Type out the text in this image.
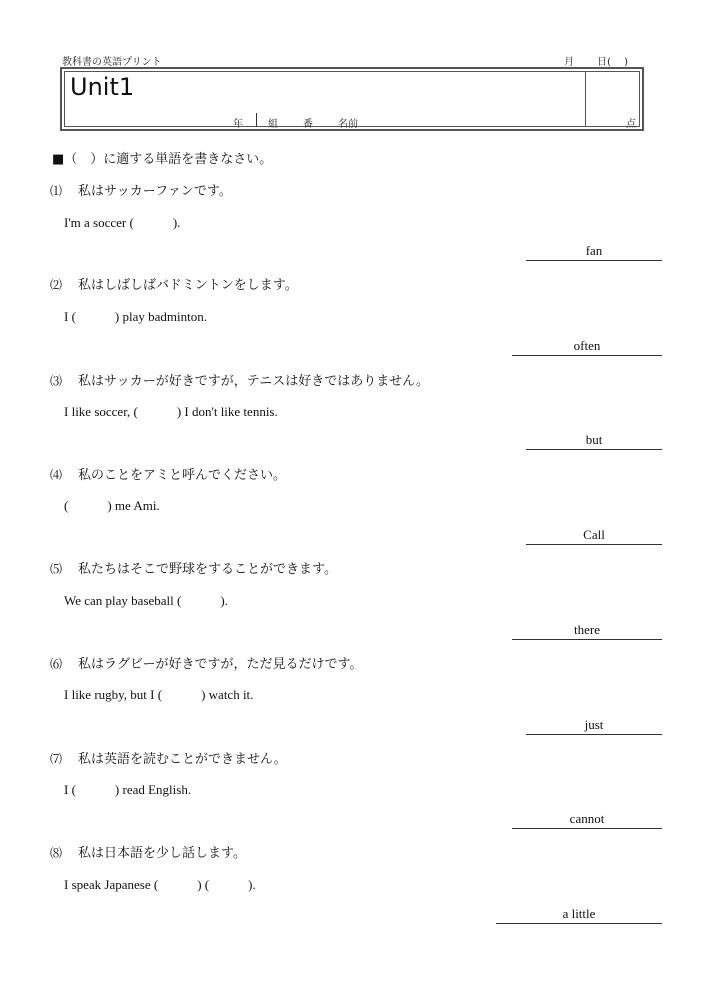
教科書の英語プリント	月 日(　 )
Unit1
年	組	番	名前	点
■（　）に適する単語を書きなさい。
⑴ 私はサッカーファンです。
I'm a soccer (　　　).
fan
⑵ 私はしばしばバドミントンをします。
I (　　　) play badminton.
often
⑶ 私はサッカーが好きですが，テニスは好きではありません。
I like soccer, (　　　) I don't like tennis.
but
⑷ 私のことをアミと呼んでください。
(　　　) me Ami.
Call
⑸ 私たちはそこで野球をすることができます。
We can play baseball (　　　).
there
⑹ 私はラグビーが好きですが，ただ見るだけです。
I like rugby, but I (　　　) watch it.
just
⑺ 私は英語を読むことができません。
I (　　　) read English.
cannot
⑻ 私は日本語を少し話します。
I speak Japanese (　　　) (　　　).
a little
